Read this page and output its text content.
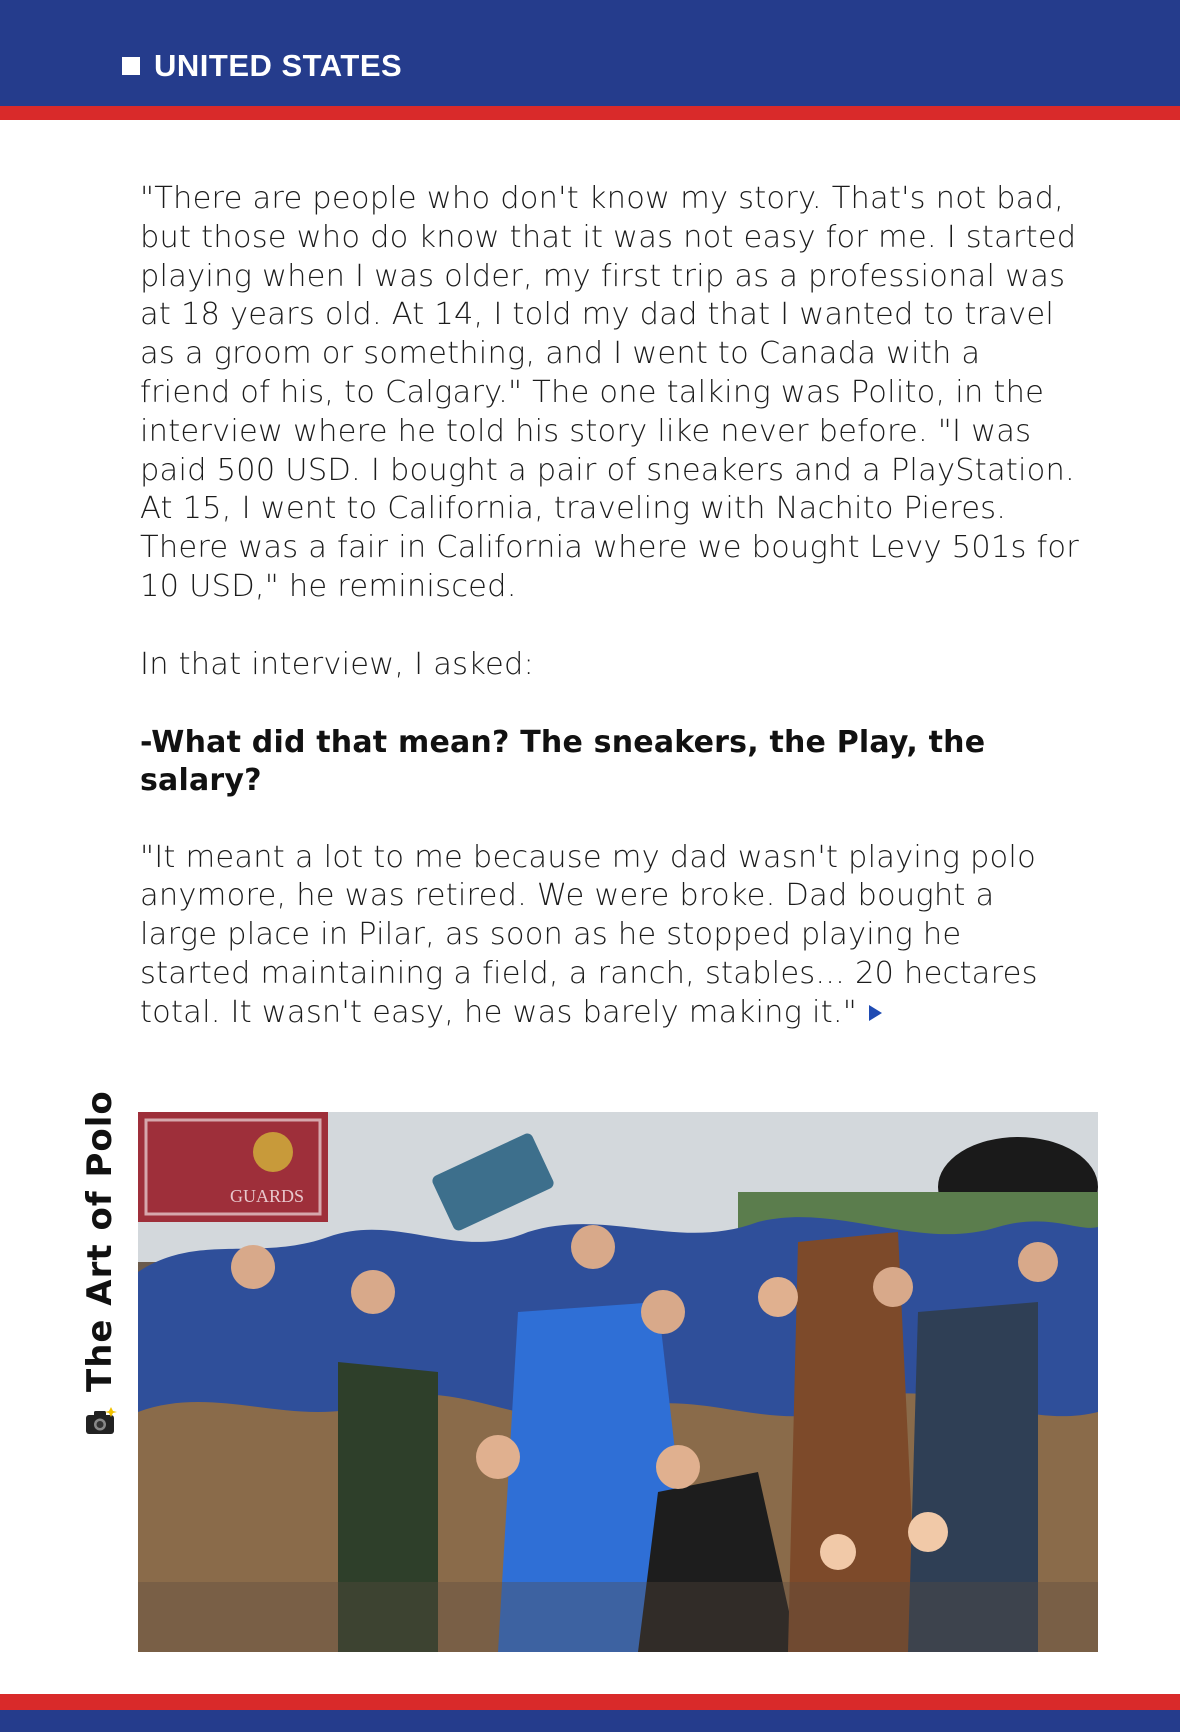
UNITED STATES

"There are people who don't know my story. That's not bad, but those who do know that it was not easy for me. I started playing when I was older, my first trip as a professional was at 18 years old. At 14, I told my dad that I wanted to travel as a groom or something, and I went to Canada with a friend of his, to Calgary." The one talking was Polito, in the interview where he told his story like never before. "I was paid 500 USD. I bought a pair of sneakers and a PlayStation. At 15, I went to California, traveling with Nachito Pieres. There was a fair in California where we bought Levy 501s for 10 USD," he reminisced.

In that interview, I asked:

-What did that mean? The sneakers, the Play, the salary?

"It meant a lot to me because my dad wasn't playing polo anymore, he was retired. We were broke. Dad bought a large place in Pilar, as soon as he stopped playing he started maintaining a field, a ranch, stables... 20 hectares total. It wasn't easy, he was barely making it."

The Art of Polo	GUARDS
